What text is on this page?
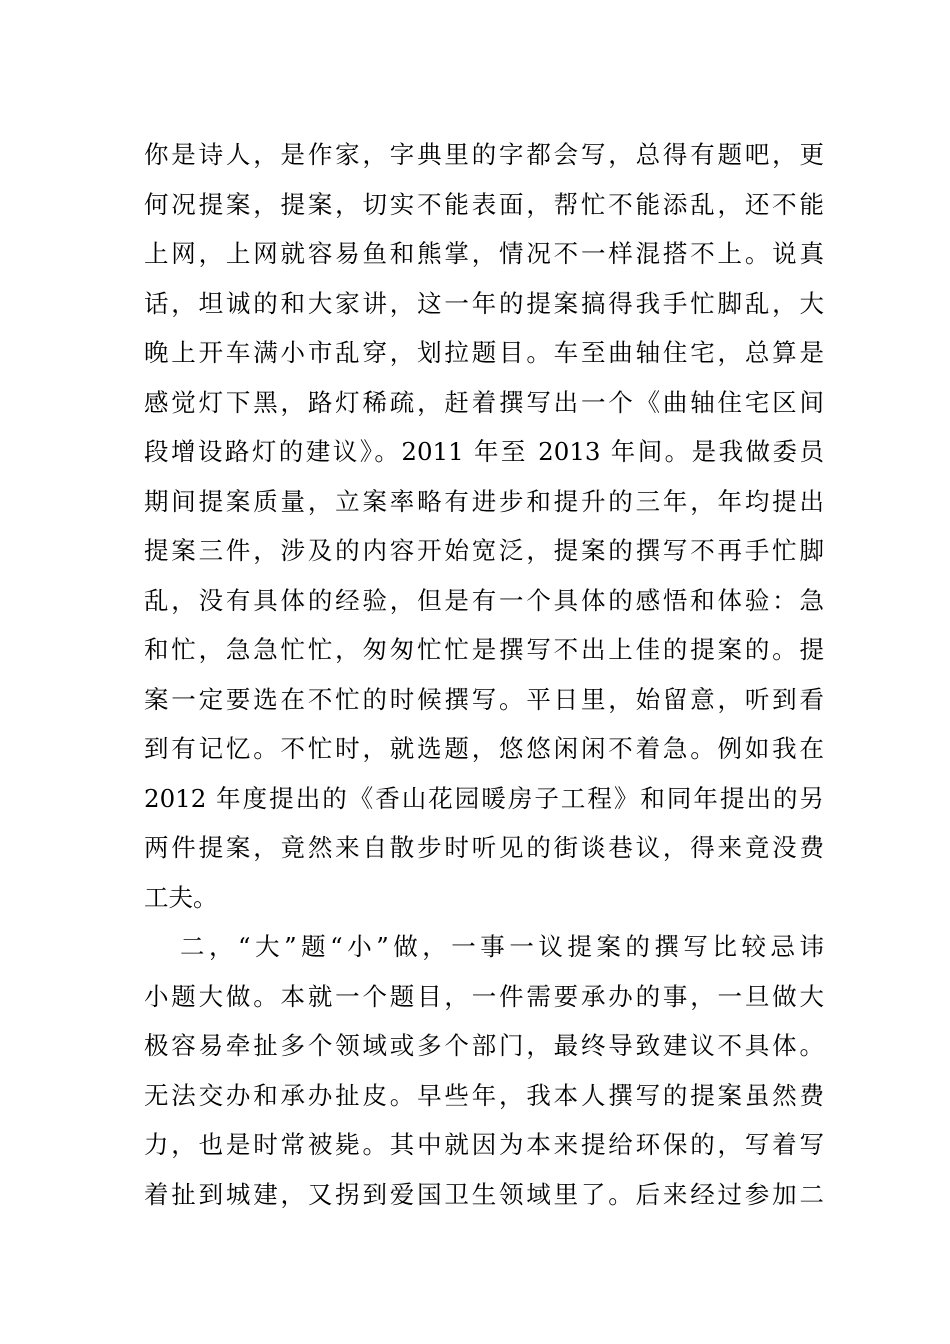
你是诗人，是作家，字典里的字都会写，总得有题吧，更
何况提案，提案，切实不能表面，帮忙不能添乱，还不能
上网，上网就容易鱼和熊掌，情况不一样混搭不上。说真
话，坦诚的和大家讲，这一年的提案搞得我手忙脚乱，大
晚上开车满小市乱穿，划拉题目。车至曲轴住宅，总算是
感觉灯下黑，路灯稀疏，赶着撰写出一个《曲轴住宅区间
段增设路灯的建议》。2011 年至 2013 年间。是我做委员
期间提案质量，立案率略有进步和提升的三年，年均提出
提案三件，涉及的内容开始宽泛，提案的撰写不再手忙脚
乱，没有具体的经验，但是有一个具体的感悟和体验：急
和忙，急急忙忙，匆匆忙忙是撰写不出上佳的提案的。提
案一定要选在不忙的时候撰写。平日里，始留意，听到看
到有记忆。不忙时，就选题，悠悠闲闲不着急。例如我在
2012 年度提出的《香山花园暖房子工程》和同年提出的另
两件提案，竟然来自散步时听见的街谈巷议，得来竟没费
工夫。
二，“大”题“小”做，一事一议提案的撰写比较忌讳
小题大做。本就一个题目，一件需要承办的事，一旦做大
极容易牵扯多个领域或多个部门，最终导致建议不具体。
无法交办和承办扯皮。早些年，我本人撰写的提案虽然费
力，也是时常被毙。其中就因为本来提给环保的，写着写
着扯到城建，又拐到爱国卫生领域里了。后来经过参加二
